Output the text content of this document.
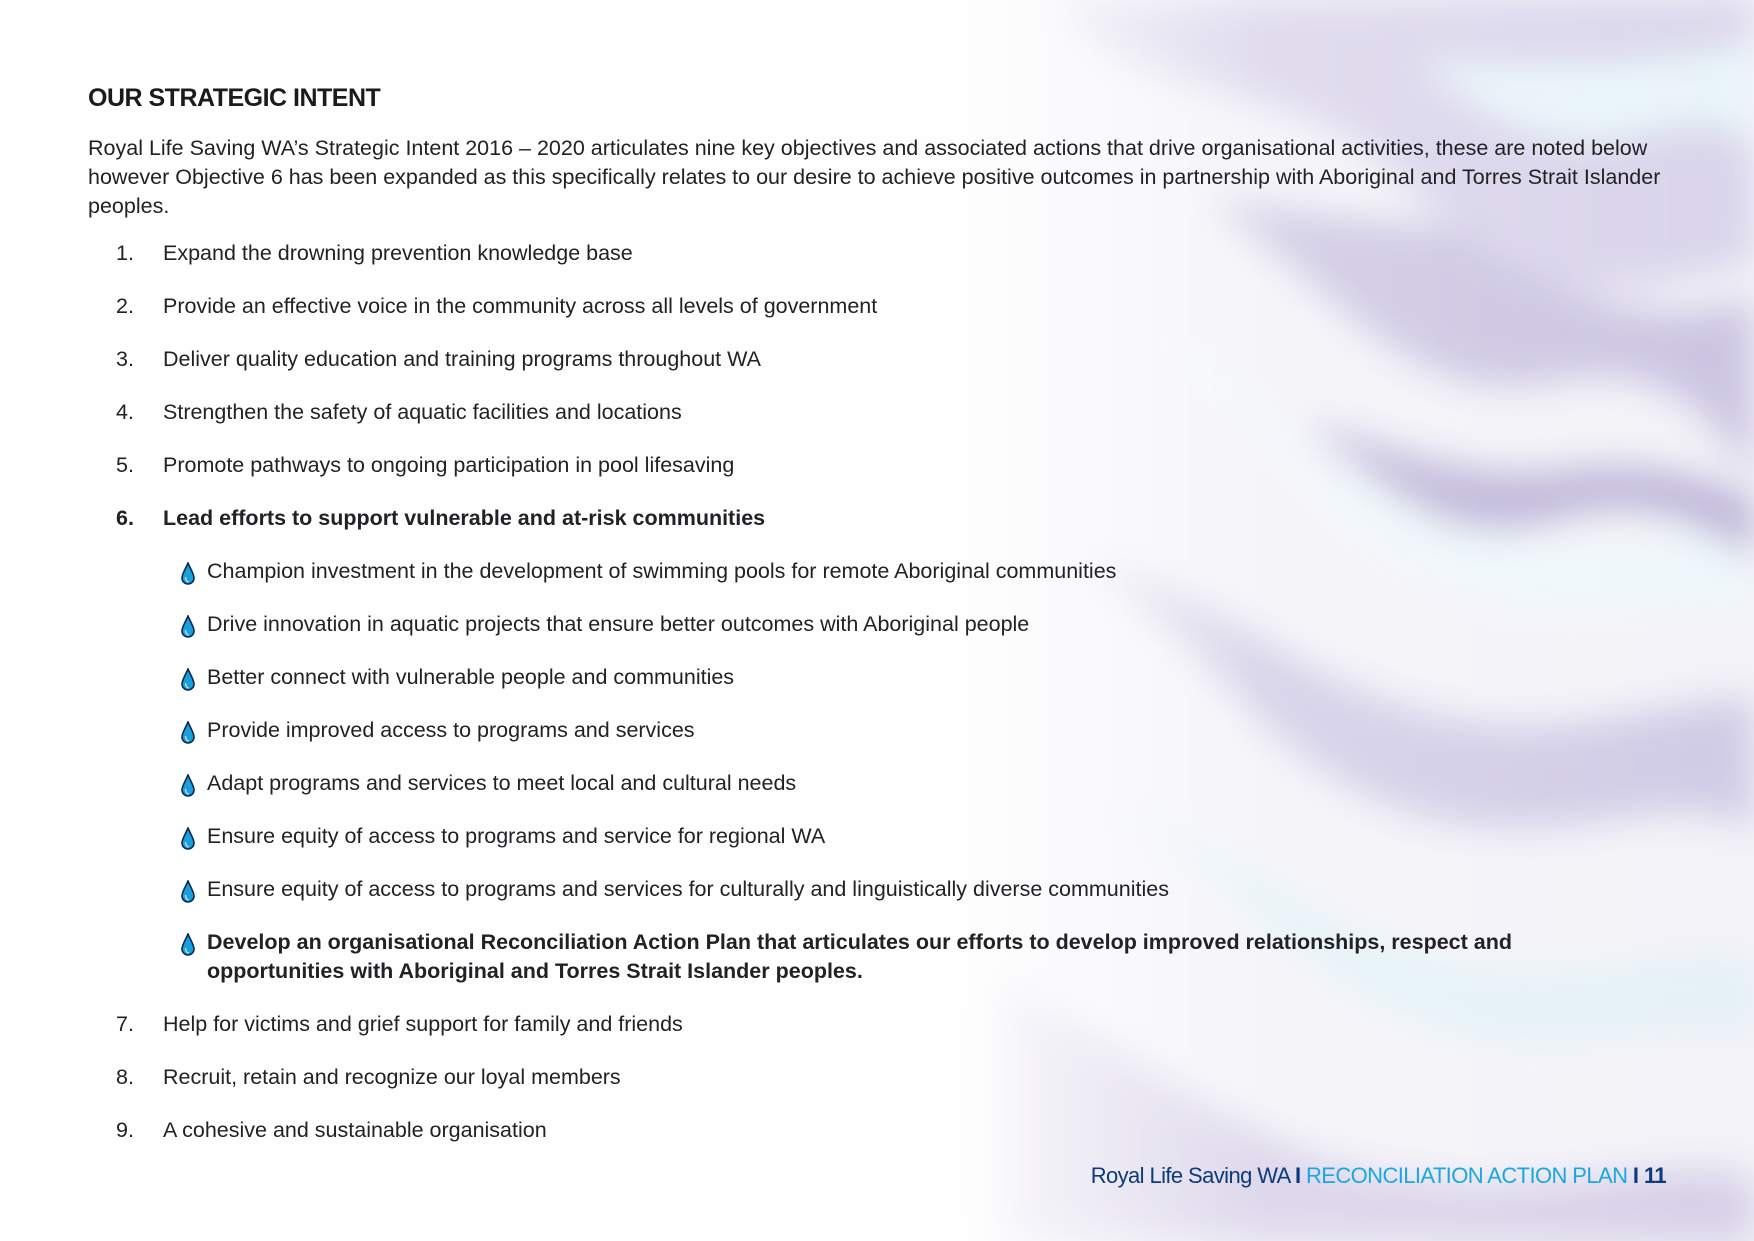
OUR STRATEGIC INTENT
Royal Life Saving WA’s Strategic Intent 2016 – 2020 articulates nine key objectives and associated actions that drive organisational activities, these are noted below however Objective 6 has been expanded as this specifically relates to our desire to achieve positive outcomes in partnership with Aboriginal and Torres Strait Islander peoples.
1. Expand the drowning prevention knowledge base
2. Provide an effective voice in the community across all levels of government
3. Deliver quality education and training programs throughout WA
4. Strengthen the safety of aquatic facilities and locations
5. Promote pathways to ongoing participation in pool lifesaving
6. Lead efforts to support vulnerable and at-risk communities
Champion investment in the development of swimming pools for remote Aboriginal communities
Drive innovation in aquatic projects that ensure better outcomes with Aboriginal people
Better connect with vulnerable people and communities
Provide improved access to programs and services
Adapt programs and services to meet local and cultural needs
Ensure equity of access to programs and service for regional WA
Ensure equity of access to programs and services for culturally and linguistically diverse communities
Develop an organisational Reconciliation Action Plan that articulates our efforts to develop improved relationships, respect and opportunities with Aboriginal and Torres Strait Islander peoples.
7. Help for victims and grief support for family and friends
8. Recruit, retain and recognize our loyal members
9. A cohesive and sustainable organisation
Royal Life Saving WA I RECONCILIATION ACTION PLAN I 11
